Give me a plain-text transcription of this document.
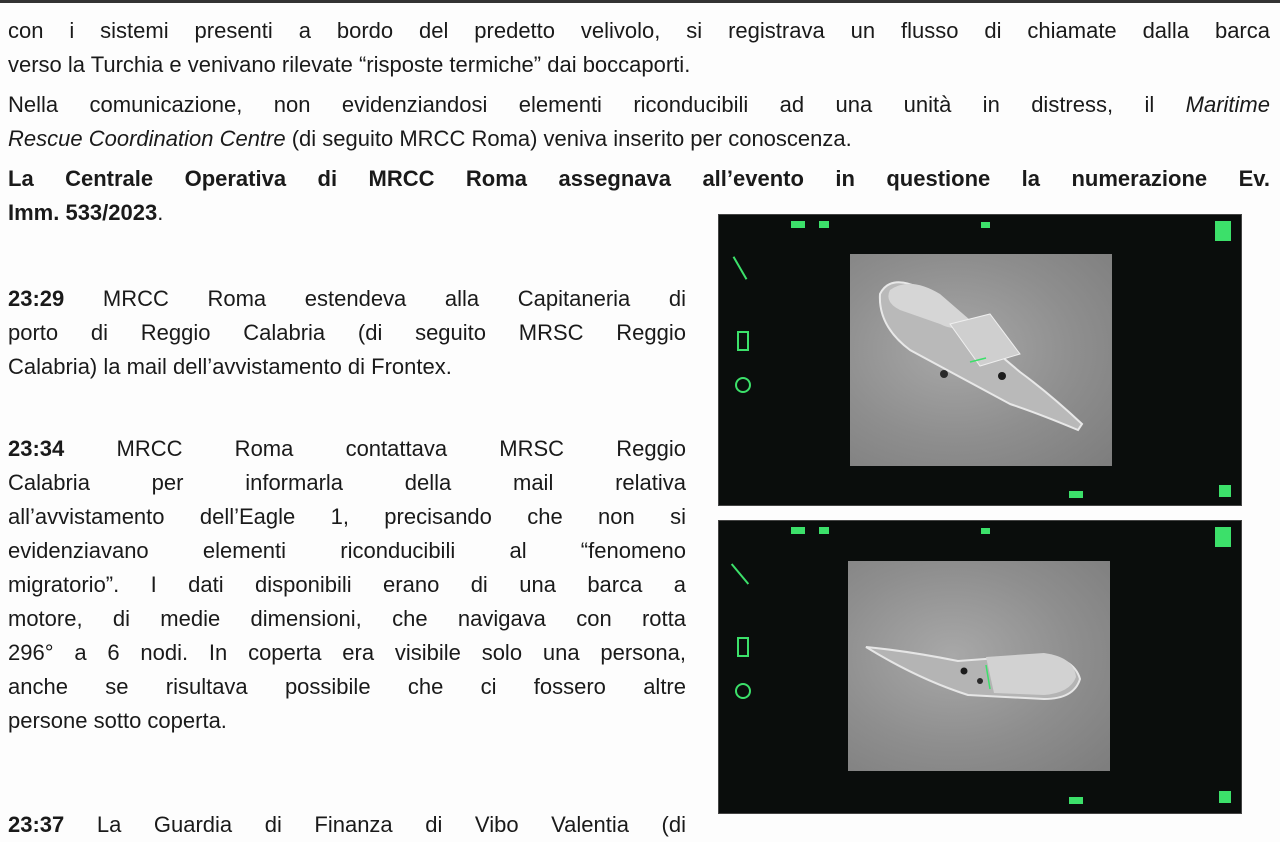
con i sistemi presenti a bordo del predetto velivolo, si registrava un flusso di chiamate dalla barca

verso la Turchia e venivano rilevate “risposte termiche” dai boccaporti.

Nella comunicazione, non evidenziandosi elementi riconducibili ad una unità in distress, il Maritime

Rescue Coordination Centre (di seguito MRCC Roma) veniva inserito per conoscenza.

La Centrale Operativa di MRCC Roma assegnava all’evento in questione la numerazione Ev.

Imm. 533/2023.

23:29 MRCC Roma estendeva alla Capitaneria di

porto di Reggio Calabria (di seguito MRSC Reggio

Calabria) la mail dell’avvistamento di Frontex.

23:34 MRCC Roma contattava MRSC Reggio

Calabria per informarla della mail relativa

all’avvistamento dell’Eagle 1, precisando che non si

evidenziavano elementi riconducibili al “fenomeno

migratorio”. I dati disponibili erano di una barca a

motore, di medie dimensioni, che navigava con rotta

296° a 6 nodi. In coperta era visibile solo una persona,

anche se risultava possibile che ci fossero altre

persone sotto coperta.

23:37 La Guardia di Finanza di Vibo Valentia (di
